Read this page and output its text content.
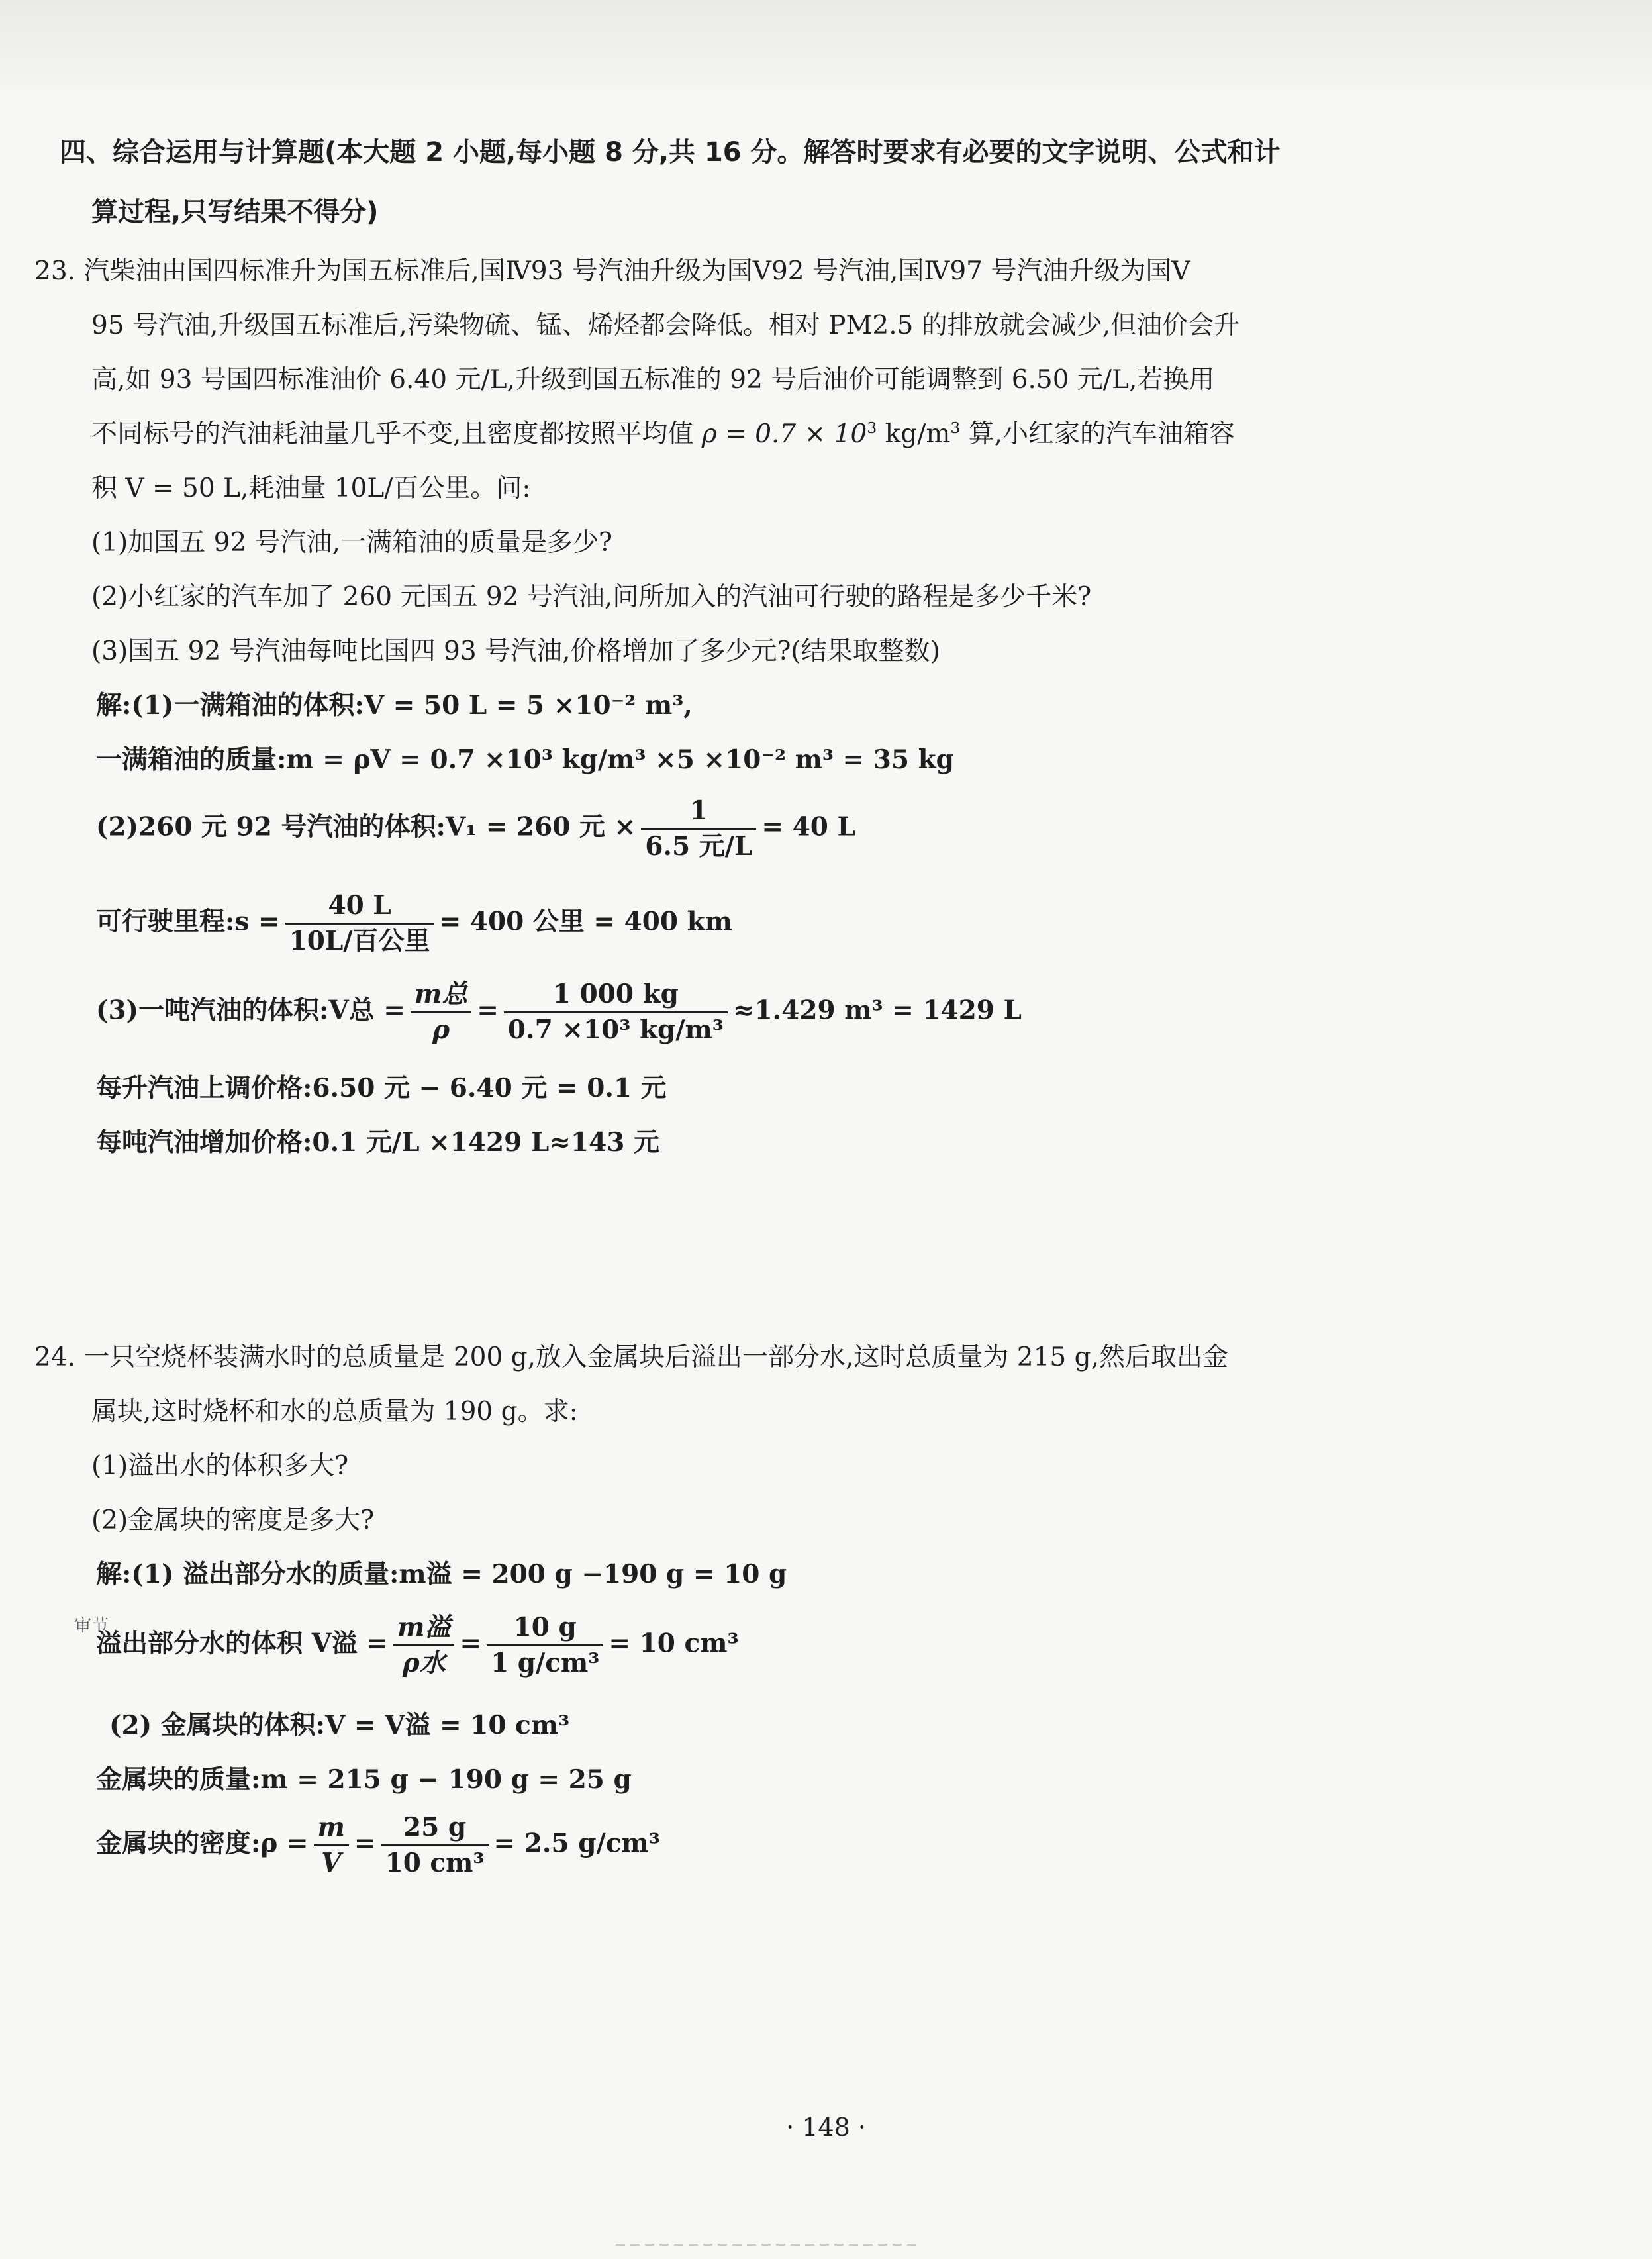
四、综合运用与计算题(本大题 2 小题,每小题 8 分,共 16 分。解答时要求有必要的文字说明、公式和计
算过程,只写结果不得分)
23. 汽柴油由国四标准升为国五标准后,国Ⅳ93 号汽油升级为国Ⅴ92 号汽油,国Ⅳ97 号汽油升级为国Ⅴ
95 号汽油,升级国五标准后,污染物硫、锰、烯烃都会降低。相对 PM2.5 的排放就会减少,但油价会升
高,如 93 号国四标准油价 6.40 元/L,升级到国五标准的 92 号后油价可能调整到 6.50 元/L,若换用
不同标号的汽油耗油量几乎不变,且密度都按照平均值 $\rho = 0.7 \times 10^3$ $kg/m^3$ 算,小红家的汽车油箱容
积 V = 50 L,耗油量 10L/百公里。问:
(1)加国五 92 号汽油,一满箱油的质量是多少?
(2)小红家的汽车加了 260 元国五 92 号汽油,问所加入的汽油可行驶的路程是多少千米?
(3)国五 92 号汽油每吨比国四 93 号汽油,价格增加了多少元?(结果取整数)
解:(1)一满箱油的体积:V = 50 L = 5 ×10⁻² m³,
一满箱油的质量:m = ρV = 0.7 ×10³ kg/m³ ×5 ×10⁻² m³ = 35 kg
(2)260 元 92 号汽油的体积:V₁ = 260 元 × $\frac{1}{\text{6.5 元/L}} = 40$ L
可行驶里程:s = $\frac{40 L}{\text{10L/百公里}} = 400$ 公里 = 400 km
(3)一吨汽油的体积:V总 = $\frac{\text{m总}}{\rho} = \frac{1 000 kg}{\text{0.7 ×10³ kg/m³}} \approx 1.429$ m³ = 1429 L
每升汽油上调价格:6.50 元 − 6.40 元 = 0.1 元
每吨汽油增加价格:0.1 元/L ×1429 L≈143 元
24. 一只空烧杯装满水时的总质量是 200 g,放入金属块后溢出一部分水,这时总质量为 215 g,然后取出金
属块,这时烧杯和水的总质量为 190 g。求:
(1)溢出水的体积多大?
(2)金属块的密度是多大?
解:(1) 溢出部分水的质量:m溢 = 200 g −190 g = 10 g
审节
溢出部分水的体积 V溢 = $\frac{\text{m溢}}{\text{ρ水}} = \frac{10 g}{\text{1 g/cm³}} = 10$ cm³
(2) 金属块的体积:V = V溢 = 10 cm³
金属块的质量:m = 215 g − 190 g = 25 g
金属块的密度:ρ = $\frac{m}{V} = \frac{25 g}{\text{10 cm³}} = 2.5$ g/cm³
· 148 ·
